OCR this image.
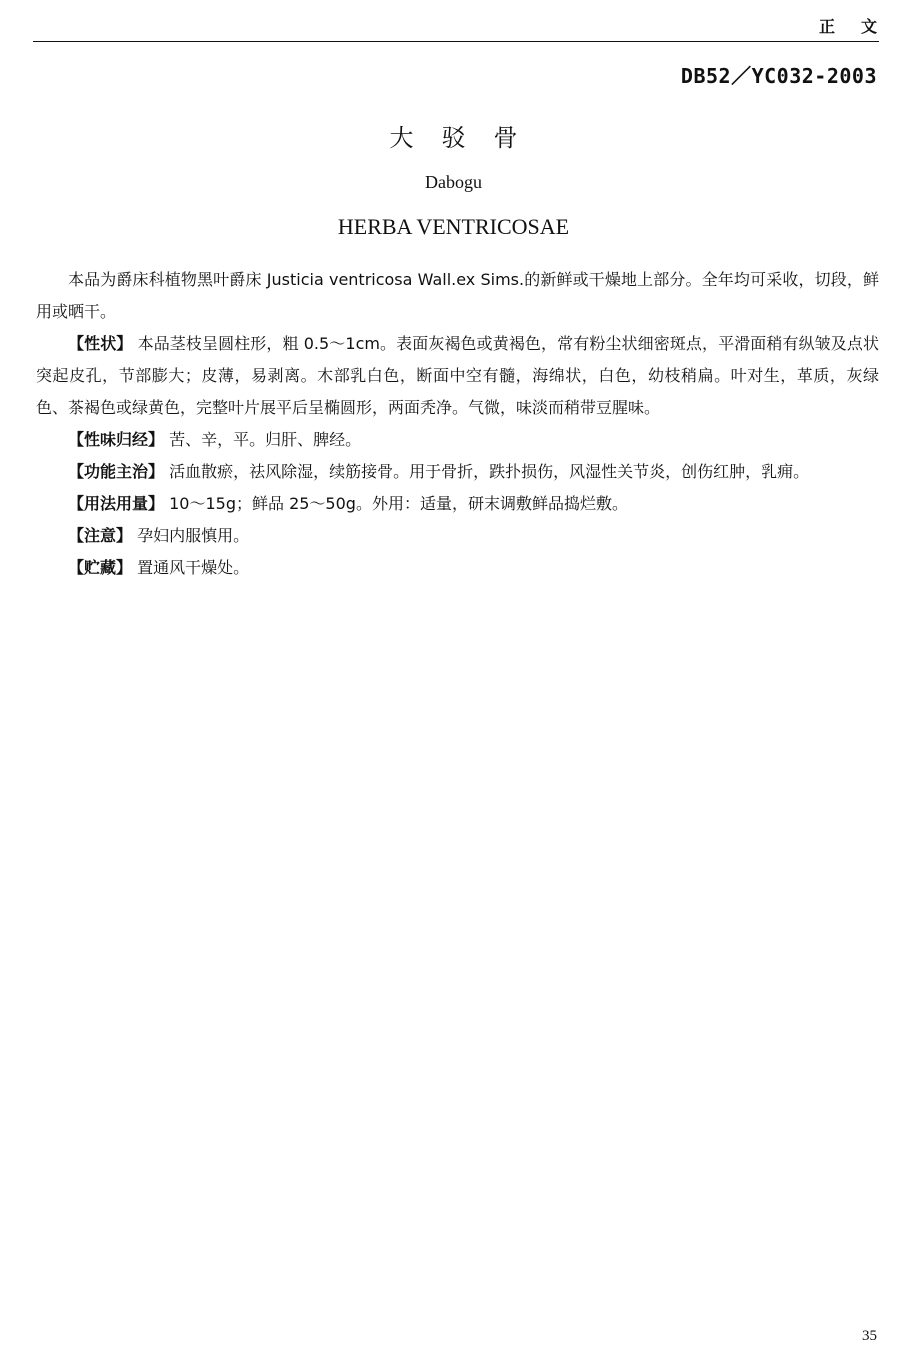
正文
DB52／YC032-2003
大驳骨
Dabogu
HERBA VENTRICOSAE

本品为爵床科植物黑叶爵床 Justicia ventricosa Wall.ex Sims.的新鲜或干燥地上部分。全年均可采收，切段，鲜用或晒干。

【性状】 本品茎枝呈圆柱形，粗 0.5～1cm。表面灰褐色或黄褐色，常有粉尘状细密斑点，平滑面稍有纵皱及点状突起皮孔，节部膨大；皮薄，易剥离。木部乳白色，断面中空有髓，海绵状，白色，幼枝稍扁。叶对生，革质，灰绿色、茶褐色或绿黄色，完整叶片展平后呈椭圆形，两面秃净。气微，味淡而稍带豆腥味。

【性味归经】 苦、辛，平。归肝、脾经。

【功能主治】 活血散瘀，祛风除湿，续筋接骨。用于骨折，跌扑损伤，风湿性关节炎，创伤红肿，乳痈。

【用法用量】 10～15g；鲜品 25～50g。外用：适量，研末调敷鲜品捣烂敷。

【注意】 孕妇内服慎用。

【贮藏】 置通风干燥处。

35
